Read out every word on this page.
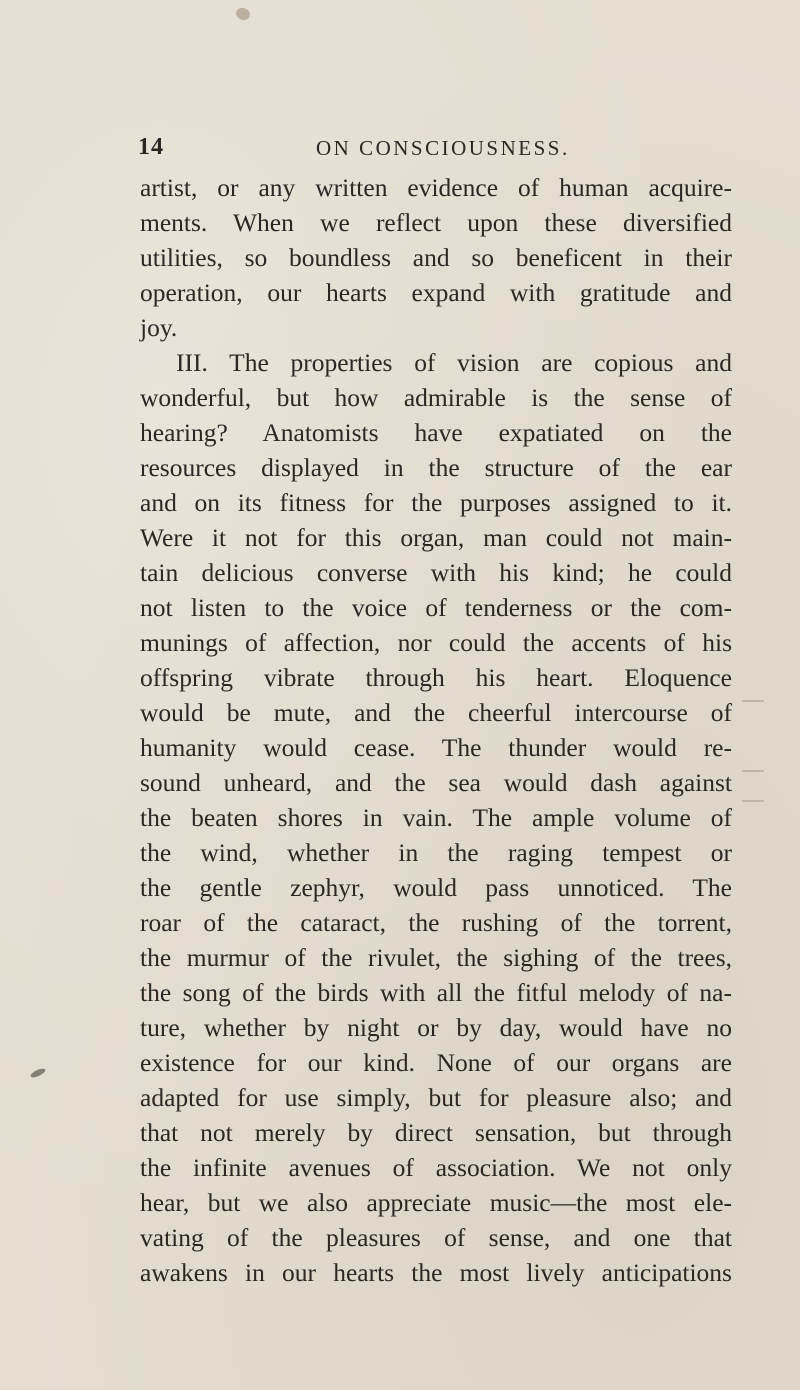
14	ON CONSCIOUSNESS.
artist, or any written evidence of human acquire-
ments. When we reflect upon these diversified
utilities, so boundless and so beneficent in their
operation, our hearts expand with gratitude and
joy.
III. The properties of vision are copious and
wonderful, but how admirable is the sense of
hearing? Anatomists have expatiated on the
resources displayed in the structure of the ear
and on its fitness for the purposes assigned to it.
Were it not for this organ, man could not main-
tain delicious converse with his kind; he could
not listen to the voice of tenderness or the com-
munings of affection, nor could the accents of his
offspring vibrate through his heart. Eloquence
would be mute, and the cheerful intercourse of
humanity would cease. The thunder would re-
sound unheard, and the sea would dash against
the beaten shores in vain. The ample volume of
the wind, whether in the raging tempest or
the gentle zephyr, would pass unnoticed. The
roar of the cataract, the rushing of the torrent,
the murmur of the rivulet, the sighing of the trees,
the song of the birds with all the fitful melody of na-
ture, whether by night or by day, would have no
existence for our kind. None of our organs are
adapted for use simply, but for pleasure also; and
that not merely by direct sensation, but through
the infinite avenues of association. We not only
hear, but we also appreciate music—the most ele-
vating of the pleasures of sense, and one that
awakens in our hearts the most lively anticipations
